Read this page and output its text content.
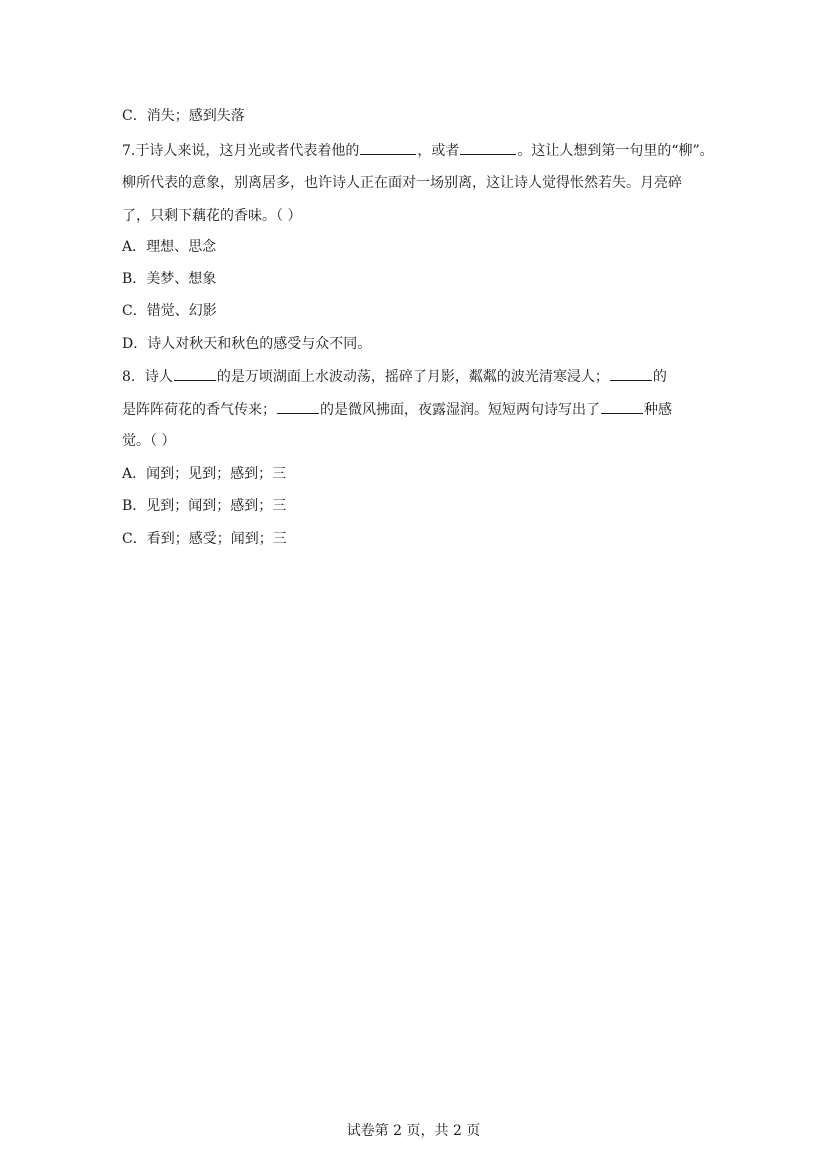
C．消失；感到失落
7.于诗人来说，这月光或者代表着他的	，或者	。这让人想到第一句里的“柳”。
柳所代表的意象，别离居多，也许诗人正在面对一场别离，这让诗人觉得怅然若失。月亮碎
了，只剩下藕花的香味。（ ）
A．理想、思念
B．美梦、想象
C．错觉、幻影
D．诗人对秋天和秋色的感受与众不同。
8．诗人	的是万顷湖面上水波动荡，摇碎了月影，粼粼的波光清寒浸人；	的
是阵阵荷花的香气传来；	的是微风拂面，夜露湿润。短短两句诗写出了	种感
觉。（ ）
A．闻到；见到；感到；三
B．见到；闻到；感到；三
C．看到；感受；闻到；三
试卷第 2 页，共 2 页
